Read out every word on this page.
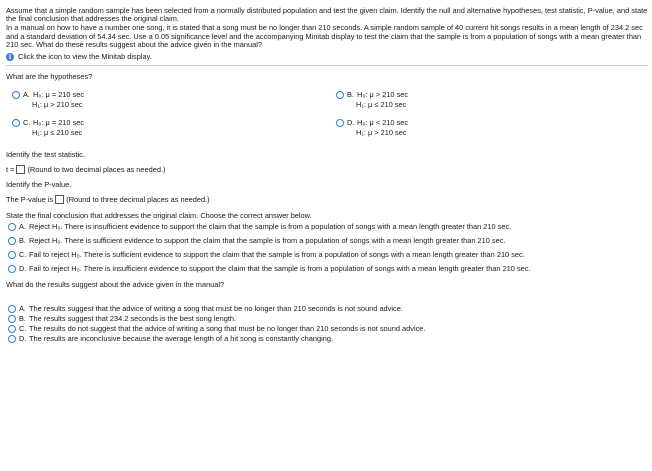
Assume that a simple random sample has been selected from a normally distributed population and test the given claim. Identify the null and alternative hypotheses, test statistic, P-value, and state the final conclusion that addresses the original claim.
In a manual on how to have a number one song, it is stated that a song must be no longer than 210 seconds. A simple random sample of 40 current hit songs results in a mean length of 234.2 sec and a standard deviation of 54.34 sec. Use a 0.05 significance level and the accompanying Minitab display to test the claim that the sample is from a population of songs with a mean greater than 210 sec. What do these results suggest about the advice given in the manual?
i Click the icon to view the Minitab display.
What are the hypotheses?
A. H₀: μ = 210 sec
H₁: μ > 210 sec
B. H₀: μ > 210 sec
H₁: μ ≤ 210 sec
C. H₀: μ = 210 sec
H₁: μ ≤ 210 sec
D. H₀: μ < 210 sec
H₁: μ > 210 sec
Identify the test statistic.
t = (Round to two decimal places as needed.)
Identify the P-value.
The P-value is (Round to three decimal places as needed.)
State the final conclusion that addresses the original claim. Choose the correct answer below.
A. Reject H₀. There is insufficient evidence to support the claim that the sample is from a population of songs with a mean length greater than 210 sec.
B. Reject H₀. There is sufficient evidence to support the claim that the sample is from a population of songs with a mean length greater than 210 sec.
C. Fail to reject H₀. There is sufficient evidence to support the claim that the sample is from a population of songs with a mean length greater than 210 sec.
D. Fail to reject H₀. There is insufficient evidence to support the claim that the sample is from a population of songs with a mean length greater than 210 sec.
What do the results suggest about the advice given in the manual?
A. The results suggest that the advice of writing a song that must be no longer than 210 seconds is not sound advice.
B. The results suggest that 234.2 seconds is the best song length.
C. The results do not suggest that the advice of writing a song that must be no longer than 210 seconds is not sound advice.
D. The results are inconclusive because the average length of a hit song is constantly changing.
